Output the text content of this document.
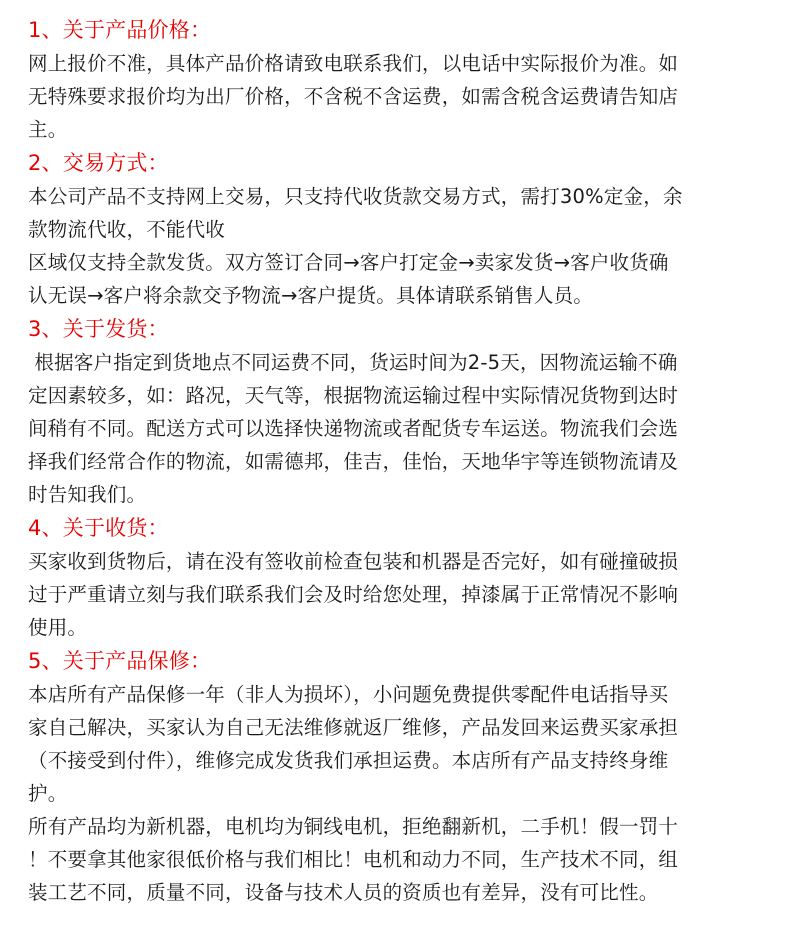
1、关于产品价格：
网上报价不准，具体产品价格请致电联系我们，以电话中实际报价为准。如
无特殊要求报价均为出厂价格，不含税不含运费，如需含税含运费请告知店
主。
2、交易方式：
本公司产品不支持网上交易，只支持代收货款交易方式，需打30%定金，余
款物流代收，不能代收
区域仅支持全款发货。双方签订合同→客户打定金→卖家发货→客户收货确
认无误→客户将余款交予物流→客户提货。具体请联系销售人员。
3、关于发货：
根据客户指定到货地点不同运费不同，货运时间为2-5天，因物流运输不确
定因素较多，如：路况，天气等，根据物流运输过程中实际情况货物到达时
间稍有不同。配送方式可以选择快递物流或者配货专车运送。物流我们会选
择我们经常合作的物流，如需德邦，佳吉，佳怡，天地华宇等连锁物流请及
时告知我们。
4、关于收货：
买家收到货物后，请在没有签收前检查包装和机器是否完好，如有碰撞破损
过于严重请立刻与我们联系我们会及时给您处理，掉漆属于正常情况不影响
使用。
5、关于产品保修：
本店所有产品保修一年（非人为损坏），小问题免费提供零配件电话指导买
家自己解决，买家认为自己无法维修就返厂维修，产品发回来运费买家承担
（不接受到付件），维修完成发货我们承担运费。本店所有产品支持终身维
护。
所有产品均为新机器，电机均为铜线电机，拒绝翻新机，二手机！假一罚十
！不要拿其他家很低价格与我们相比！电机和动力不同，生产技术不同，组
装工艺不同，质量不同，设备与技术人员的资质也有差异，没有可比性。
